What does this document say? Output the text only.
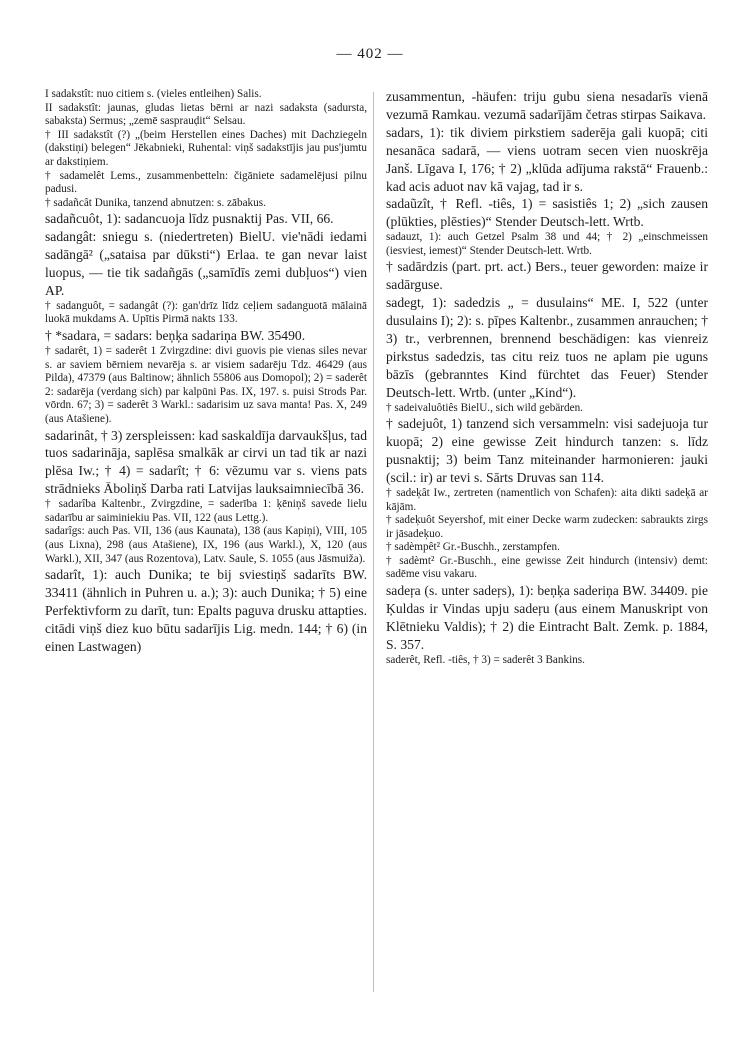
— 402 —

I sadakstît: nuo citiem s. (vieles entleihen) Salis.

II sadakstît: jaunas, gludas lietas bērni ar nazi sadaksta (sadursta, sabaksta) Sermus; „zemē sasprauḍit“ Selsau.

† III sadakstît (?) „(beim Herstellen eines Daches) mit Dachziegeln (dakstiņi) belegen“ Jēkabnieki, Ruhental: viņš sadakstījis jau pus'jumtu ar dakstiņiem.

† sadamelêt Lems., zusammenbetteln: čigāniete sadamelējusi pilnu padusi.

† sadañcât Dunika, tanzend abnutzen: s. zābakus.

sadañcuôt, 1): sadancuoja līdz pusnaktij Pas. VII, 66.

sadangât: sniegu s. (niedertreten) BielU. vie'nādi iedami sadāngā² („sataisa par dūksti“) Erlaa. te gan nevar laist luopus, — tie tik sadañgās („samīdīs zemi dubļuos“) vien AP.

† sadanguôt, = sadangât (?): gan'drīz līdz ceļiem sadanguotā mālainā luokā mukdams A. Upītis Pirmā nakts 133.

† *sadara, = sadars: beņķa sadariņa BW. 35490.

† sadarêt, 1) = saderêt 1 Zvirgzdine: divi guovis pie vienas siles nevar s. ar saviem bērniem nevarēja s. ar visiem sadarēju Tdz. 46429 (aus Pilda), 47379 (aus Baltinow; ähnlich 55806 aus Domopol); 2) = saderêt 2: sadarēja (verdang sich) par kalpūni Pas. IX, 197. s. puisi Strods Par. vōrdn. 67; 3) = saderêt 3 Warkl.: sadarisim uz sava manta! Pas. X, 249 (aus Atašiene).

sadarinât, † 3) zerspleissen: kad saskaldīja darvaukšļus, tad tuos sadarināja, saplēsa smalkāk ar cirvi un tad tik ar nazi plēsa Iw.; † 4) = sadarît; † 6: vēzumu var s. viens pats strādnieks Āboliņš Darba rati Latvijas lauksaimniecībā 36.

† sadarîba Kaltenbr., Zvirgzdine, = saderība 1: ķēniņš savede lielu sadarību ar saiminiekiu Pas. VII, 122 (aus Lettg.).

sadarîgs: auch Pas. VII, 136 (aus Kaunata), 138 (aus Kapiņi), VIII, 105 (aus Lixna), 298 (aus Atašiene), IX, 196 (aus Warkl.), X, 120 (aus Warkl.), XII, 347 (aus Rozentova), Latv. Saule, S. 1055 (aus Jāsmuiža).

sadarît, 1): auch Dunika; te bij sviestiņš sadarīts BW. 33411 (ähnlich in Puhren u. a.); 3): auch Dunika; † 5) eine Perfektivform zu darīt, tun: Epalts paguva drusku attapties. citādi viņš diez kuo būtu sadarījis Lig. medn. 144; † 6) (in einen Lastwagen)

zusammentun, -häufen: triju gubu siena nesadarīs vienā vezumā Ramkau. vezumā sadarījām četras stirpas Saikava.

sadars, 1): tik diviem pirkstiem saderēja gali kuopā; citi nesanāca sadarā, — viens uotram secen vien nuoskrēja Janš. Līgava I, 176; † 2) „klūda adījuma rakstā“ Frauenb.: kad acis aduot nav kā vajag, tad ir s.

sadaũzît, † Refl. -tiês, 1) = sasistiês 1; 2) „sich zausen (plūkties, plēsties)“ Stender Deutsch-lett. Wrtb.

sadauzt, 1): auch Getzel Psalm 38 und 44; † 2) „einschmeissen (iesviest, iemest)“ Stender Deutsch-lett. Wrtb.

† sadārdzis (part. prt. act.) Bers., teuer geworden: maize ir sadārguse.

sadegt, 1): sadedzis „ = dusulains“ ME. I, 522 (unter dusulains I); 2): s. pīpes Kaltenbr., zusammen anrauchen; † 3) tr., verbrennen, brennend beschädigen: kas vienreiz pirkstus sadedzis, tas citu reiz tuos ne aplam pie uguns bāzīs (gebranntes Kind fürchtet das Feuer) Stender Deutsch-lett. Wrtb. (unter „Kind“).

† sadeivaluôtiês BielU., sich wild gebärden.

† sadejuôt, 1) tanzend sich versammeln: visi sadejuoja tur kuopā; 2) eine gewisse Zeit hindurch tanzen: s. līdz pusnaktij; 3) beim Tanz miteinander harmonieren: jauki (scil.: ir) ar tevi s. Sārts Druvas san 114.

† sadeķât Iw., zertreten (namentlich von Schafen): aita dikti sadeķā ar kājām.

† sadeķuôt Seyershof, mit einer Decke warm zudecken: sabraukts zirgs ir jāsadeķuo.

† sadèmpêt² Gr.-Buschh., zerstampfen.

† sadèmt² Gr.-Buschh., eine gewisse Zeit hindurch (intensiv) demt: sadēme visu vakaru.

sadeŗa (s. unter sadeŗs), 1): beņķa saderiņa BW. 34409. pie Ķuldas ir Vindas upju sadeŗu (aus einem Manuskript von Klētnieku Valdis); † 2) die Eintracht Balt. Zemk. p. 1884, S. 357.

saderêt, Refl. -tiês, † 3) = saderêt 3 Bankins.
